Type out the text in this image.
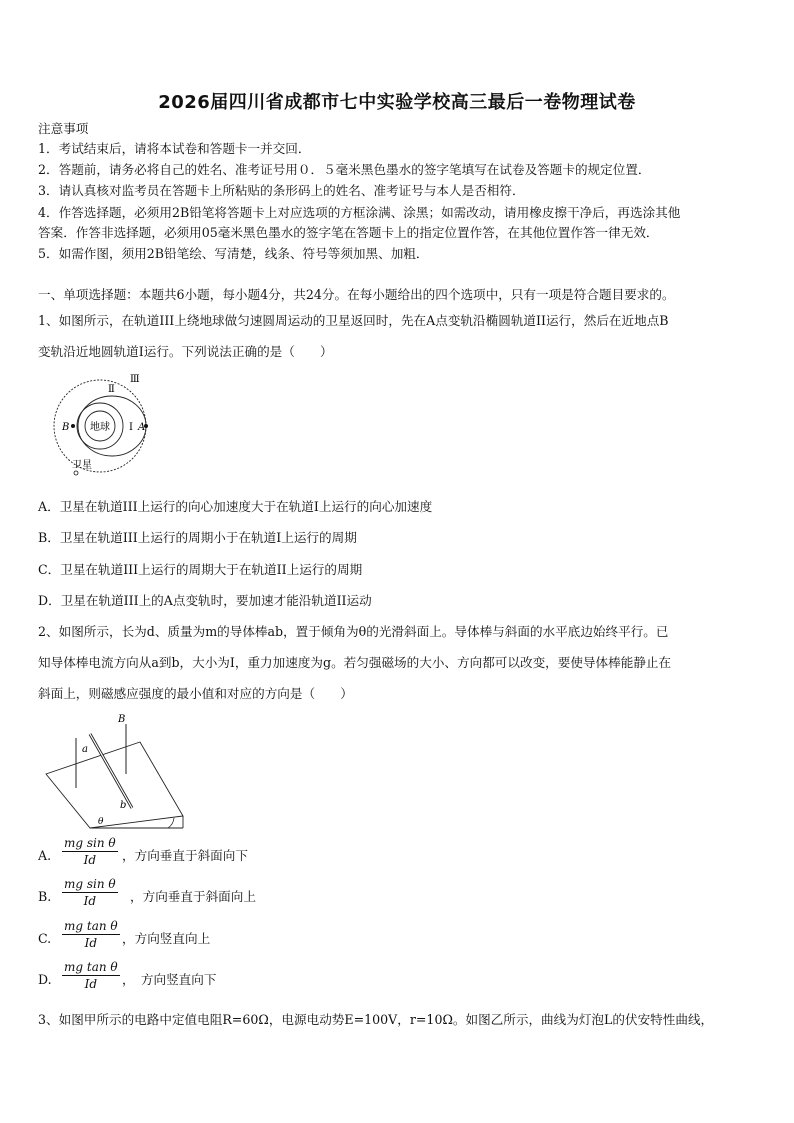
2026届四川省成都市七中实验学校高三最后一卷物理试卷
注意事项
1．考试结束后，请将本试卷和答题卡一并交回．
2．答题前，请务必将自己的姓名、准考证号用０．５毫米黑色墨水的签字笔填写在试卷及答题卡的规定位置．
3．请认真核对监考员在答题卡上所粘贴的条形码上的姓名、准考证号与本人是否相符．
4．作答选择题，必须用2B铅笔将答题卡上对应选项的方框涂满、涂黑；如需改动，请用橡皮擦干净后，再选涂其他
答案．作答非选择题，必须用05毫米黑色墨水的签字笔在答题卡上的指定位置作答，在其他位置作答一律无效．
5．如需作图，须用2B铅笔绘、写清楚，线条、符号等须加黑、加粗．
一、单项选择题：本题共6小题，每小题4分，共24分。在每小题给出的四个选项中，只有一项是符合题目要求的。
1、如图所示，在轨道III上绕地球做匀速圆周运动的卫星返回时，先在A点变轨沿椭圆轨道II运行，然后在近地点B
变轨沿近地圆轨道I运行。下列说法正确的是（　　）
地球
B	A
I
Ⅱ
Ⅲ
卫星
A．卫星在轨道III上运行的向心加速度大于在轨道I上运行的向心加速度
B．卫星在轨道III上运行的周期小于在轨道I上运行的周期
C．卫星在轨道III上运行的周期大于在轨道II上运行的周期
D．卫星在轨道III上的A点变轨时，要加速才能沿轨道II运动
2、如图所示，长为d、质量为m的导体棒ab，置于倾角为θ的光滑斜面上。导体棒与斜面的水平底边始终平行。已
知导体棒电流方向从a到b，大小为I，重力加速度为g。若匀强磁场的大小、方向都可以改变，要使导体棒能静止在
斜面上，则磁感应强度的最小值和对应的方向是（　　）
B
a
b
θ
A.
mg sin θ
Id	，方向垂直于斜面向下
B.
mg sin θ
Id	，方向垂直于斜面向上
C.
mg tan θ
Id	，方向竖直向上
D.
mg tan θ
Id	，　方向竖直向下
3、如图甲所示的电路中定值电阻R=60Ω，电源电动势E=100V，r=10Ω。如图乙所示，曲线为灯泡L的伏安特性曲线，
